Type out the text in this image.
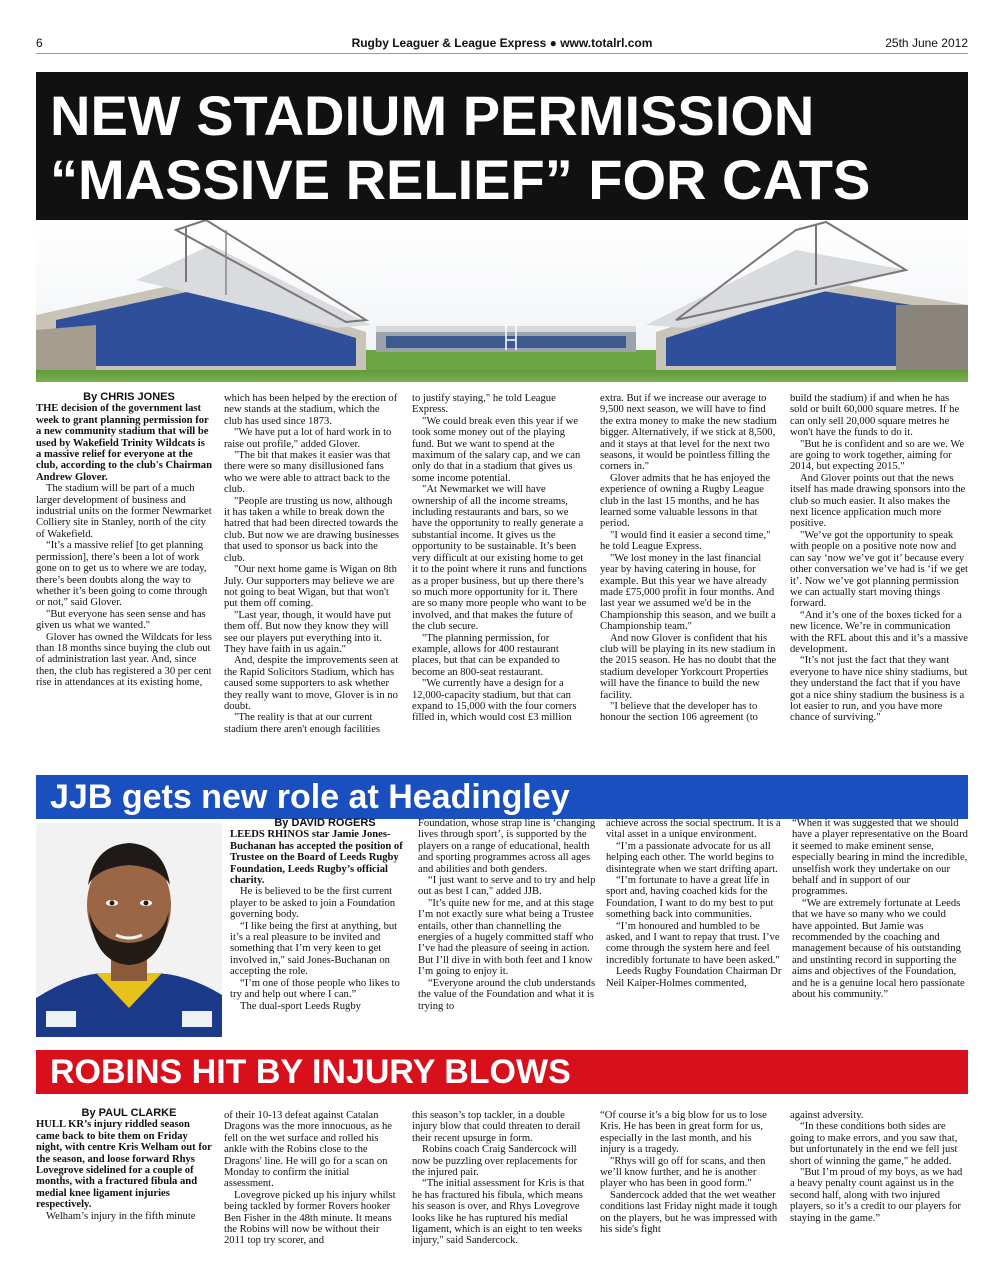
6	Rugby Leaguer & League Express ● www.totalrl.com	25th June 2012
NEW STADIUM PERMISSION
“MASSIVE RELIEF” FOR CATS

By CHRIS JONES

THE decision of the government last week to grant planning permission for a new community stadium that will be used by Wakefield Trinity Wildcats is a massive relief for everyone at the club, according to the club's Chairman Andrew Glover.

The stadium will be part of a much larger development of business and industrial units on the former Newmarket Colliery site in Stanley, north of the city of Wakefield.

“It’s a massive relief [to get planning permission], there’s been a lot of work gone on to get us to where we are today, there’s been doubts along the way to whether it’s been going to come through or not," said Glover.

"But everyone has seen sense and has given us what we wanted."

Glover has owned the Wildcats for less than 18 months since buying the club out of administration last year. And, since then, the club has registered a 30 per cent rise in attendances at its existing home,

which has been helped by the erection of new stands at the stadium, which the club has used since 1873.

"We have put a lot of hard work in to raise out profile," added Glover.

"The bit that makes it easier was that there were so many disillusioned fans who we were able to attract back to the club.

"People are trusting us now, although it has taken a while to break down the hatred that had been directed towards the club. But now we are drawing businesses that used to sponsor us back into the club.

"Our next home game is Wigan on 8th July. Our supporters may believe we are not going to beat Wigan, but that won't put them off coming.

"Last year, though, it would have put them off. But now they know they will see our players put everything into it. They have faith in us again."

And, despite the improvements seen at the Rapid Solicitors Stadium, which has caused some supporters to ask whether they really want to move, Glover is in no doubt.

"The reality is that at our current stadium there aren't enough facilities

to justify staying," he told League Express.

"We could break even this year if we took some money out of the playing fund. But we want to spend at the maximum of the salary cap, and we can only do that in a stadium that gives us some income potential.

"At Newmarket we will have ownership of all the income streams, including restaurants and bars, so we have the opportunity to really generate a substantial income. It gives us the opportunity to be sustainable. It’s been very difficult at our existing home to get it to the point where it runs and functions as a proper business, but up there there’s so much more opportunity for it. There are so many more people who want to be involved, and that makes the future of the club secure.

"The planning permission, for example, allows for 400 restaurant places, but that can be expanded to become an 800-seat restaurant.

"We currently have a design for a 12,000-capacity stadium, but that can expand to 15,000 with the four corners filled in, which would cost £3 million

extra. But if we increase our average to 9,500 next season, we will have to find the extra money to make the new stadium bigger. Alternatively, if we stick at 8,500, and it stays at that level for the next two seasons, it would be pointless filling the corners in."

Glover admits that he has enjoyed the experience of owning a Rugby League club in the last 15 months, and he has learned some valuable lessons in that period.

"I would find it easier a second time," he told League Express.

"We lost money in the last financial year by having catering in house, for example. But this year we have already made £75,000 profit in four months. And last year we assumed we'd be in the Championship this season, and we built a Championship team."

And now Glover is confident that his club will be playing in its new stadium in the 2015 season. He has no doubt that the stadium developer Yorkcourt Properties will have the finance to build the new facility.

"I believe that the developer has to honour the section 106 agreement (to

build the stadium) if and when he has sold or built 60,000 square metres. If he can only sell 20,000 square metres he won't have the funds to do it.

"But he is confident and so are we. We are going to work together, aiming for 2014, but expecting 2015."

And Glover points out that the news itself has made drawing sponsors into the club so much easier. It also makes the next licence application much more positive.

"We’ve got the opportunity to speak with people on a positive note now and can say ‘now we’ve got it’ because every other conversation we’ve had is ‘if we get it’. Now we’ve got planning permission we can actually start moving things forward.

“And it’s one of the boxes ticked for a new licence. We’re in communication with the RFL about this and it’s a massive development.

“It’s not just the fact that they want everyone to have nice shiny stadiums, but they understand the fact that if you have got a nice shiny stadium the business is a lot easier to run, and you have more chance of surviving."

JJB gets new role at Headingley

By DAVID ROGERS

LEEDS RHINOS star Jamie Jones-Buchanan has accepted the position of Trustee on the Board of Leeds Rugby Foundation, Leeds Rugby’s official charity.

He is believed to be the first current player to be asked to join a Foundation governing body.

“I like being the first at anything, but it’s a real pleasure to be invited and something that I’m very keen to get involved in," said Jones-Buchanan on accepting the role.

“I’m one of those people who likes to try and help out where I can.”

The dual-sport Leeds Rugby

Foundation, whose strap line is ‘changing lives through sport’, is supported by the players on a range of educational, health and sporting programmes across all ages and abilities and both genders.

“I just want to serve and to try and help out as best I can," added JJB.

"It’s quite new for me, and at this stage I’m not exactly sure what being a Trustee entails, other than channelling the energies of a hugely committed staff who I’ve had the pleasure of seeing in action. But I’ll dive in with both feet and I know I’m going to enjoy it.

“Everyone around the club understands the value of the Foundation and what it is trying to

achieve across the social spectrum. It is a vital asset in a unique environment.

“I’m a passionate advocate for us all helping each other. The world begins to disintegrate when we start drifting apart.

“I’m fortunate to have a great life in sport and, having coached kids for the Foundation, I want to do my best to put something back into communities.

“I’m honoured and humbled to be asked, and I want to repay that trust. I’ve come through the system here and feel incredibly fortunate to have been asked."

Leeds Rugby Foundation Chairman Dr Neil Kaiper-Holmes commented,

“When it was suggested that we should have a player representative on the Board it seemed to make eminent sense, especially bearing in mind the incredible, unselfish work they undertake on our behalf and in support of our programmes.

“We are extremely fortunate at Leeds that we have so many who we could have appointed. But Jamie was recommended by the coaching and management because of his outstanding and unstinting record in supporting the aims and objectives of the Foundation, and he is a genuine local hero passionate about his community.”

ROBINS HIT BY INJURY BLOWS

By PAUL CLARKE

HULL KR’s injury riddled season came back to bite them on Friday night, with centre Kris Welham out for the season, and loose forward Rhys Lovegrove sidelined for a couple of months, with a fractured fibula and medial knee ligament injuries respectively.

Welham’s injury in the fifth minute

of their 10-13 defeat against Catalan Dragons was the more innocuous, as he fell on the wet surface and rolled his ankle with the Robins close to the Dragons' line. He will go for a scan on Monday to confirm the initial assessment.

Lovegrove picked up his injury whilst being tackled by former Rovers hooker Ben Fisher in the 48th minute. It means the Robins will now be without their 2011 top try scorer, and

this season’s top tackler, in a double injury blow that could threaten to derail their recent upsurge in form.

Robins coach Craig Sandercock will now be puzzling over replacements for the injured pair.

“The initial assessment for Kris is that he has fractured his fibula, which means his season is over, and Rhys Lovegrove looks like he has ruptured his medial ligament, which is an eight to ten weeks injury," said Sandercock.

“Of course it’s a big blow for us to lose Kris. He has been in great form for us, especially in the last month, and his injury is a tragedy.

"Rhys will go off for scans, and then we’ll know further, and he is another player who has been in good form."

Sandercock added that the wet weather conditions last Friday night made it tough on the players, but he was impressed with his side's fight

against adversity.

“In these conditions both sides are going to make errors, and you saw that, but unfortunately in the end we fell just short of winning the game," he added.

"But I’m proud of my boys, as we had a heavy penalty count against us in the second half, along with two injured players, so it’s a credit to our players for staying in the game.”
